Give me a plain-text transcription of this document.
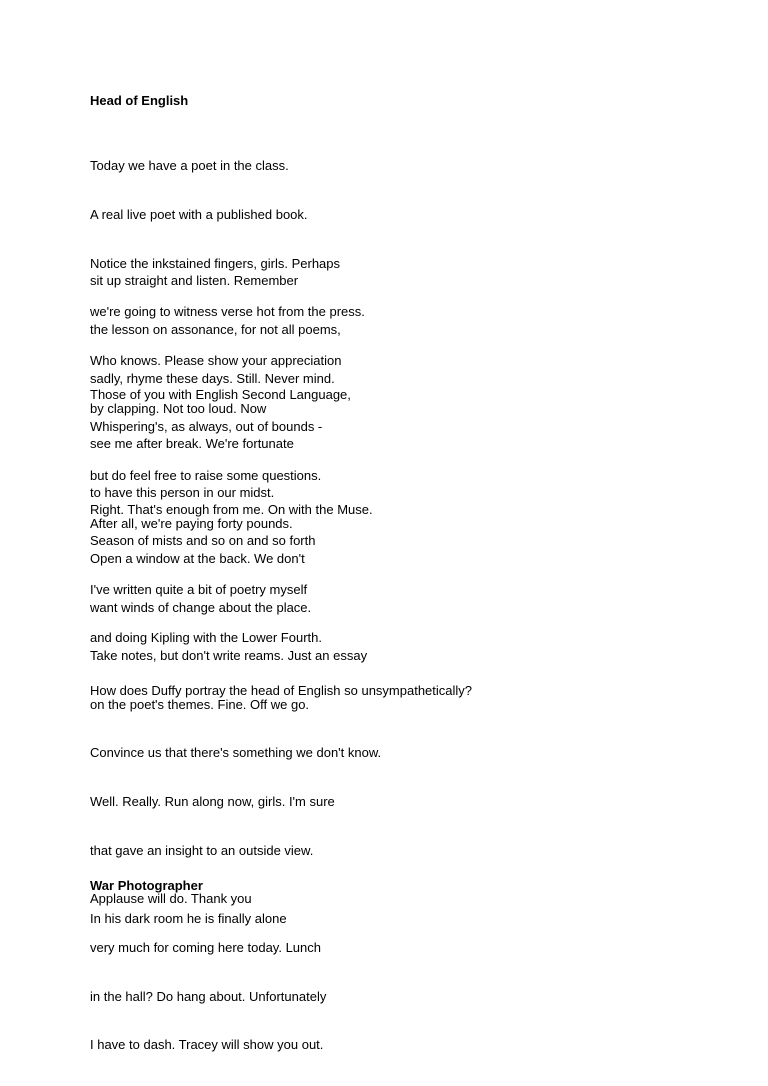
Head of English

Today we have a poet in the class.

A real live poet with a published book.

Notice the inkstained fingers, girls. Perhaps

we're going to witness verse hot from the press.

Who knows. Please show your appreciation

by clapping. Not too loud. Now

sit up straight and listen. Remember

the lesson on assonance, for not all poems,

sadly, rhyme these days. Still. Never mind.

Whispering's, as always, out of bounds -

but do feel free to raise some questions.

After all, we're paying forty pounds.

Those of you with English Second Language,

see me after break. We're fortunate

to have this person in our midst.

Season of mists and so on and so forth

I've written quite a bit of poetry myself

and doing Kipling with the Lower Fourth.

Right. That's enough from me. On with the Muse.

Open a window at the back. We don't

want winds of change about the place.

Take notes, but don't write reams. Just an essay

on the poet's themes. Fine. Off we go.

Convince us that there's something we don't know.

Well. Really. Run along now, girls. I'm sure

that gave an insight to an outside view.

Applause will do. Thank you

very much for coming here today. Lunch

in the hall? Do hang about. Unfortunately

I have to dash. Tracey will show you out.

How does Duffy portray the head of English so unsympathetically?
War Photographer
In his dark room he is finally alone
